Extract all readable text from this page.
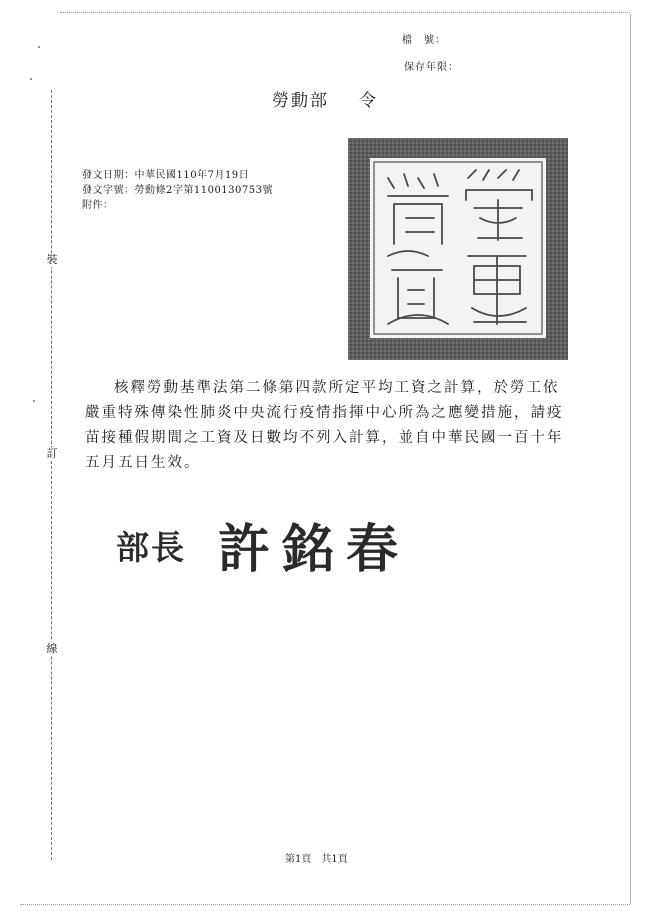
裝
訂
線
檔　號：
保存年限：
勞動部 令
發文日期：中華民國110年7月19日
發文字號：勞動條2字第1100130753號
附件：
核釋勞動基準法第二條第四款所定平均工資之計算，於勞工依
嚴重特殊傳染性肺炎中央流行疫情指揮中心所為之應變措施，請疫
苗接種假期間之工資及日數均不列入計算，並自中華民國一百十年
五月五日生效。
部長 許銘春
第1頁　共1頁
